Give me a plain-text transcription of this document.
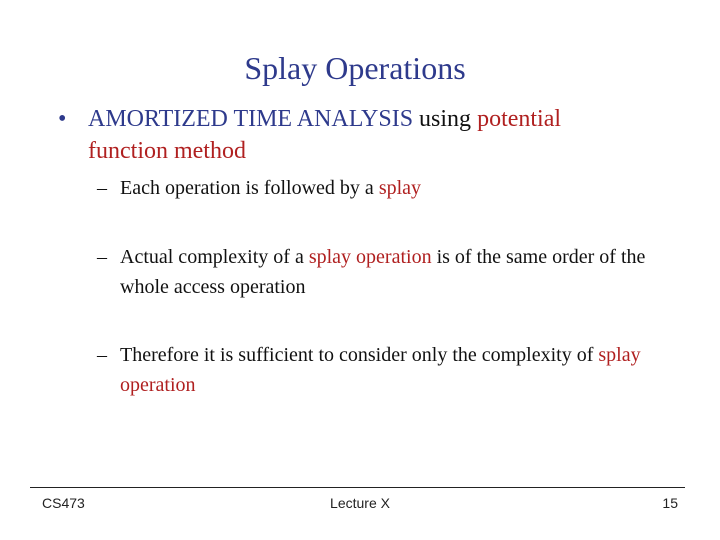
Splay Operations
• AMORTIZED TIME ANALYSIS using potential
function method
– Each operation is followed by a splay
– Actual complexity of a splay operation is of the same order of the whole access operation
– Therefore it is sufficient to consider only the complexity of splay operation
CS473	Lecture X	15
